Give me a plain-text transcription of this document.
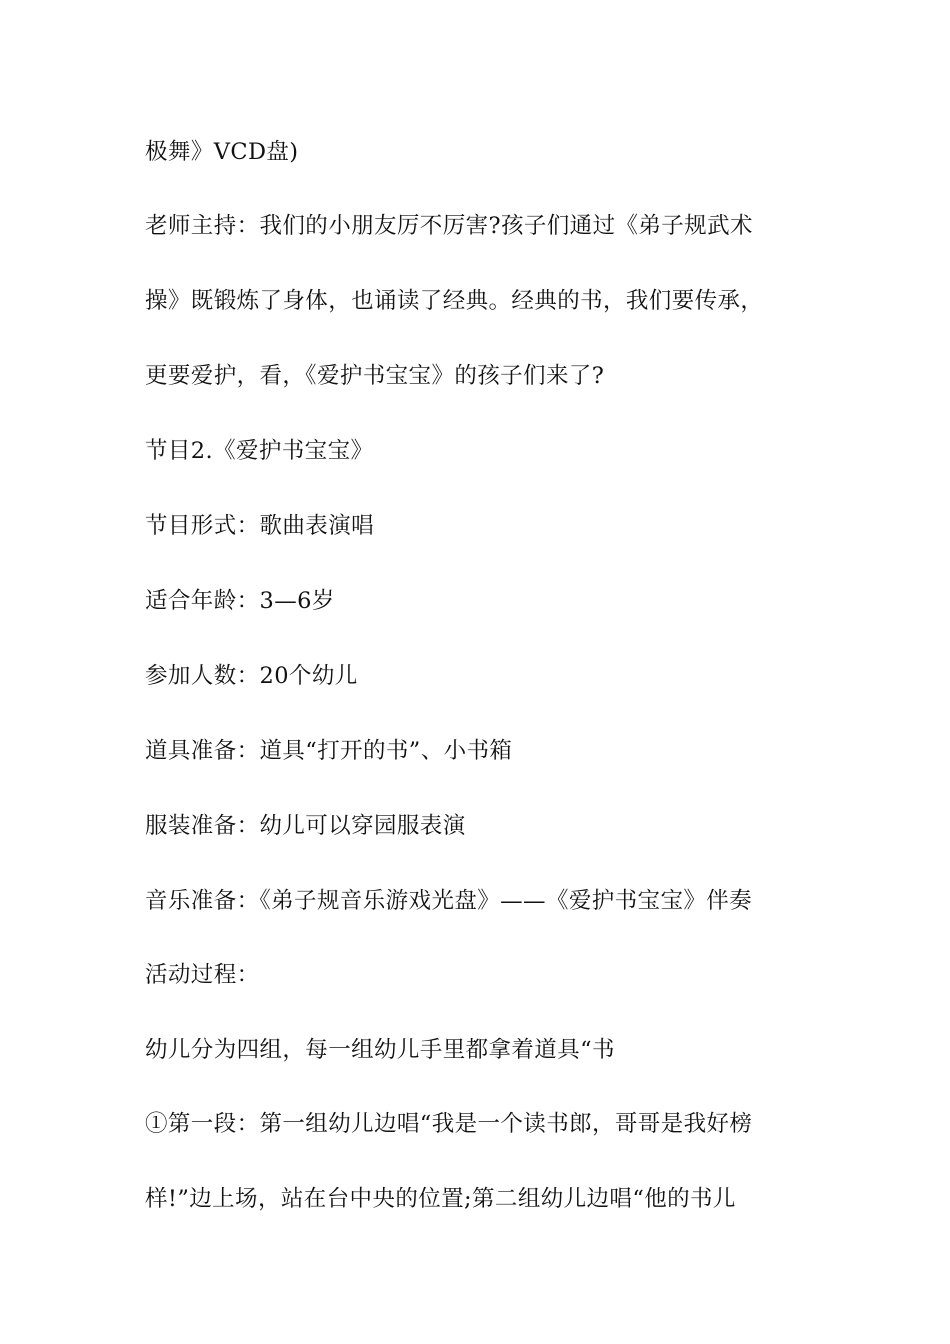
极舞》VCD盘)
老师主持：我们的小朋友厉不厉害?孩子们通过《弟子规武术
操》既锻炼了身体，也诵读了经典。经典的书，我们要传承，
更要爱护，看，《爱护书宝宝》的孩子们来了?
节目2.《爱护书宝宝》
节目形式：歌曲表演唱
适合年龄：3—6岁
参加人数：20个幼儿
道具准备：道具“打开的书”、小书箱
服装准备：幼儿可以穿园服表演
音乐准备：《弟子规音乐游戏光盘》——《爱护书宝宝》伴奏
活动过程：
幼儿分为四组，每一组幼儿手里都拿着道具“书
①第一段：第一组幼儿边唱“我是一个读书郎，哥哥是我好榜
样!”边上场，站在台中央的位置;第二组幼儿边唱“他的书儿
